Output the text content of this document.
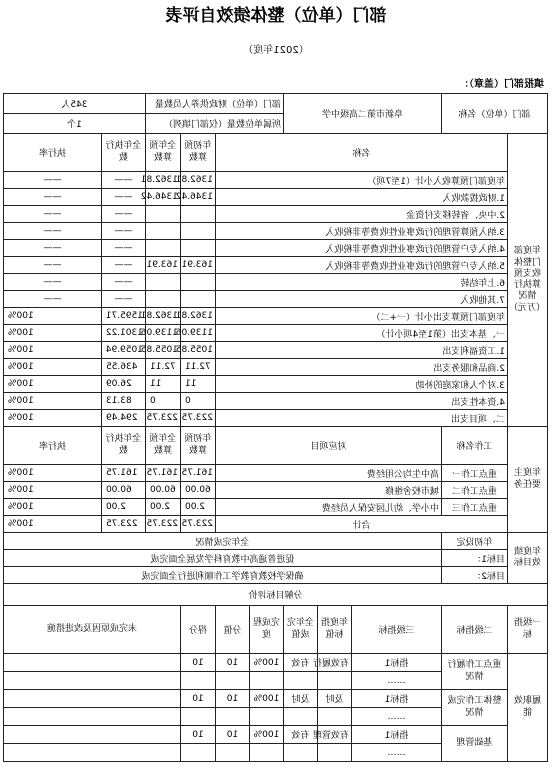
部门（单位）整体绩效自评表
（2021年度）
填报部门（盖章）：
部门（单位）名称		阜新市第二高级中学			部门（单位）财政供养人员数量				345人	
					所属单位数量（仅部门填列）				1个	
年度部门整体收支预算执行情况（万元）	名称						年初预算数	全年预算数	全年执行数	执行率
	年度部门预算收入小计（1至7项）						1362.81	1362.81	——	——
	1.财政拨款收入						1346.42	1346.42	——	——
	2.中央、省转移支付资金								——	——
	3.纳入预算管理的行政事业性收费等非税收入								——	——
	4.纳入专户管理的行政事业性收费等非税收入								——	——
	5.纳入专户管理的行政事业性收费等非税收入						163.91	163.91	——	——
	6.上年结转								——	——
	7.其他收入								——	——
	年度部门预算支出小计（一+二）						1362.81	1362.81	1595.71	100%
	一、基本支出（第1至4项小计）						1139.06	1139.06	1301.22	100%
	1.工资福利支出						1055.85	1055.85	1059.94	100%
	2.商品和服务支出						72.11	72.11	436.55	100%
	3.对个人和家庭的补助						11	11	26.09	100%
	4.资本性支出						0	0	83.13	100%
	二、项目支出						223.75	223.75	294.49	100%
年度主要任务	工作名称	对应项目					年初预算数	全年预算数	全年执行数	执行率
	重点工作一	高中生均公用经费					161.75	161.75	161.75	100%
	重点工作二	城市校舍维修					60.00	60.00	60.00	100%
	重点工作三	中小学、幼儿园安保人员经费					2.00	2.00	2.00	100%
	合计						223.75	223.75	223.75	100%
年度绩效目标	年初设定	全年完成情况								
	目标1：	促进普通高中教育科学发展全面完成								
	目标2：	确保学校教育教学工作顺利进行全面完成								
分解目标评价										
一级指标	二级指标	三级指标	年度指标值	全年完成值	完成程度	分值	得分	未完成原因及改进措施		
履职效能	重点工作履行情况	指标1	有效履行	有效	100%	10	10			
		……								
	整体工作完成情况	指标1	及时	及时	100%	10	10			
		……								
	基础管理	指标1	有效管理	有效	100%	10	10			
		……								
